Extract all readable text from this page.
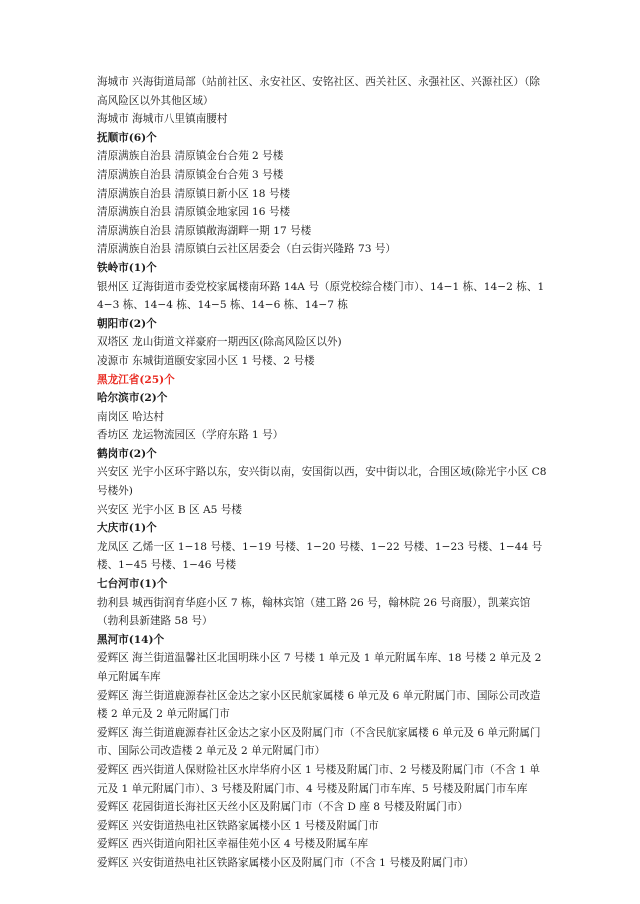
海城市 兴海街道局部（站前社区、永安社区、安铭社区、西关社区、永强社区、兴源社区）（除高风险区以外其他区域）

海城市 海城市八里镇南腰村

抚顺市(6)个

清原满族自治县 清原镇金台合苑 2 号楼

清原满族自治县 清原镇金台合苑 3 号楼

清原满族自治县 清原镇日新小区 18 号楼

清原满族自治县 清原镇金地家园 16 号楼

清原满族自治县 清原镇敞海湖畔一期 17 号楼

清原满族自治县 清原镇白云社区居委会（白云街兴隆路 73 号）

铁岭市(1)个

银州区 辽海街道市委党校家属楼南环路 14A 号（原党校综合楼门市）、14−1 栋、14−2 栋、14−3 栋、14−4 栋、14−5 栋、14−6 栋、14−7 栋

朝阳市(2)个

双塔区 龙山街道文祥豪府一期西区(除高风险区以外)

凌源市 东城街道颐安家园小区 1 号楼、2 号楼

黑龙江省(25)个

哈尔滨市(2)个

南岗区 哈达村

香坊区 龙运物流园区（学府东路 1 号）

鹤岗市(2)个

兴安区 光宇小区环宇路以东，安兴街以南，安国街以西，安中街以北，合围区域(除光宇小区 C8 号楼外)

兴安区 光宇小区 B 区 A5 号楼

大庆市(1)个

龙凤区 乙烯一区 1−18 号楼、1−19 号楼、1−20 号楼、1−22 号楼、1−23 号楼、1−44 号楼、1−45 号楼、1−46 号楼

七台河市(1)个

勃利县 城西街润育华庭小区 7 栋，翰林宾馆（建工路 26 号，翰林院 26 号商服），凯莱宾馆（勃利县新建路 58 号）

黑河市(14)个

爱辉区 海兰街道温馨社区北国明珠小区 7 号楼 1 单元及 1 单元附属车库、18 号楼 2 单元及 2 单元附属车库

爱辉区 海兰街道鹿源春社区金达之家小区民航家属楼 6 单元及 6 单元附属门市、国际公司改造楼 2 单元及 2 单元附属门市

爱辉区 海兰街道鹿源春社区金达之家小区及附属门市（不含民航家属楼 6 单元及 6 单元附属门市、国际公司改造楼 2 单元及 2 单元附属门市）

爱辉区 西兴街道人保财险社区水岸华府小区 1 号楼及附属门市、2 号楼及附属门市（不含 1 单元及 1 单元附属门市）、3 号楼及附属门市、4 号楼及附属门市车库、5 号楼及附属门市车库

爱辉区 花园街道长海社区天丝小区及附属门市（不含 D 座 8 号楼及附属门市）

爱辉区 兴安街道热电社区铁路家属楼小区 1 号楼及附属门市

爱辉区 西兴街道向阳社区幸福佳苑小区 4 号楼及附属车库

爱辉区 兴安街道热电社区铁路家属楼小区及附属门市（不含 1 号楼及附属门市）
